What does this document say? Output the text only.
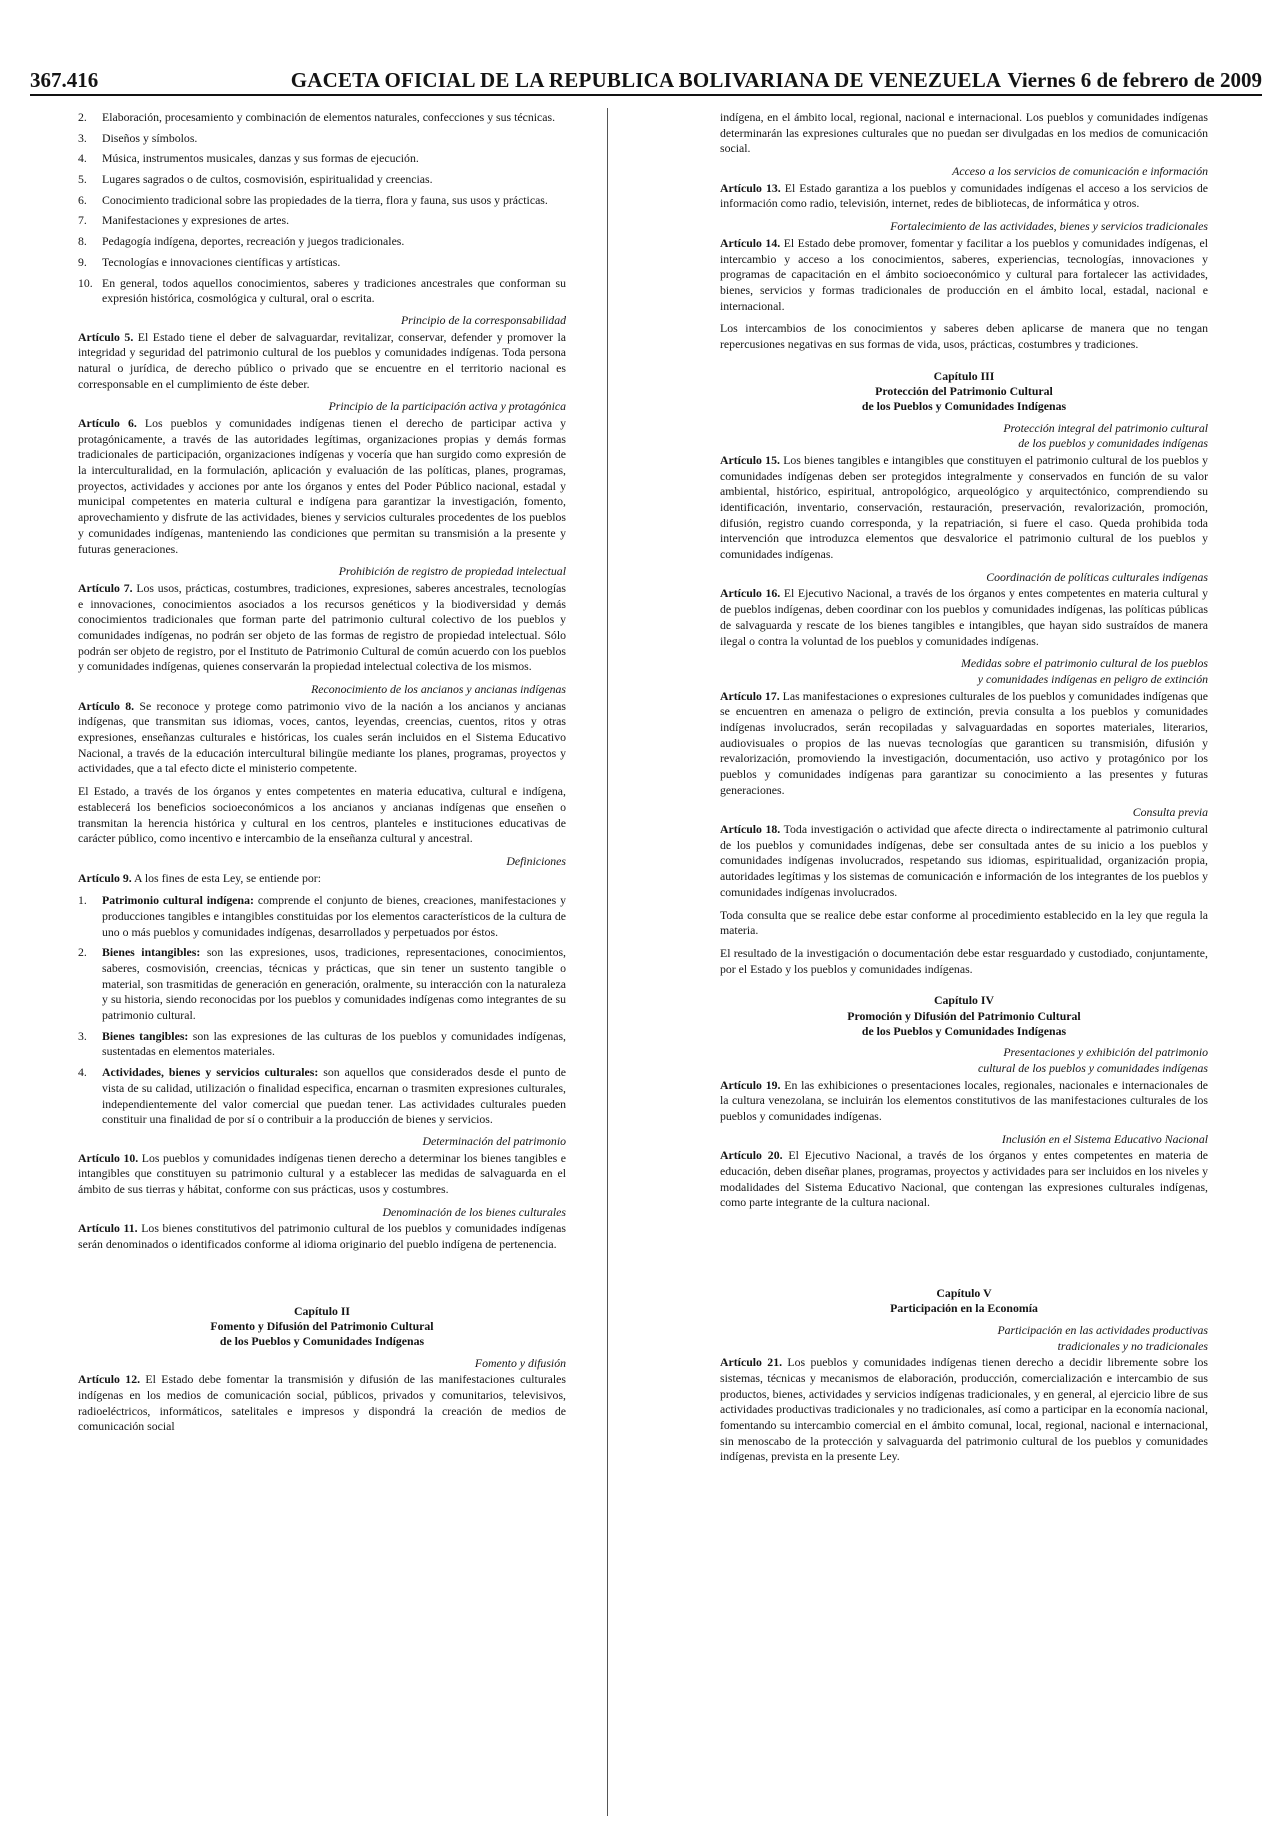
367.416	GACETA OFICIAL DE LA REPUBLICA BOLIVARIANA DE VENEZUELA Viernes 6 de febrero de 2009
2. Elaboración, procesamiento y combinación de elementos naturales, confecciones y sus técnicas.
3. Diseños y símbolos.
4. Música, instrumentos musicales, danzas y sus formas de ejecución.
5. Lugares sagrados o de cultos, cosmovisión, espiritualidad y creencias.
6. Conocimiento tradicional sobre las propiedades de la tierra, flora y fauna, sus usos y prácticas.
7. Manifestaciones y expresiones de artes.
8. Pedagogía indígena, deportes, recreación y juegos tradicionales.
9. Tecnologías e innovaciones científicas y artísticas.
10. En general, todos aquellos conocimientos, saberes y tradiciones ancestrales que conforman su expresión histórica, cosmológica y cultural, oral o escrita.
Principio de la corresponsabilidad

Artículo 5. El Estado tiene el deber de salvaguardar, revitalizar, conservar, defender y promover la integridad y seguridad del patrimonio cultural de los pueblos y comunidades indígenas. Toda persona natural o jurídica, de derecho público o privado que se encuentre en el territorio nacional es corresponsable en el cumplimiento de éste deber.

Principio de la participación activa y protagónica

Artículo 6. Los pueblos y comunidades indígenas tienen el derecho de participar activa y protagónicamente, a través de las autoridades legítimas, organizaciones propias y demás formas tradicionales de participación, organizaciones indígenas y vocería que han surgido como expresión de la interculturalidad, en la formulación, aplicación y evaluación de las políticas, planes, programas, proyectos, actividades y acciones por ante los órganos y entes del Poder Público nacional, estadal y municipal competentes en materia cultural e indígena para garantizar la investigación, fomento, aprovechamiento y disfrute de las actividades, bienes y servicios culturales procedentes de los pueblos y comunidades indígenas, manteniendo las condiciones que permitan su transmisión a la presente y futuras generaciones.

Prohibición de registro de propiedad intelectual

Artículo 7. Los usos, prácticas, costumbres, tradiciones, expresiones, saberes ancestrales, tecnologías e innovaciones, conocimientos asociados a los recursos genéticos y la biodiversidad y demás conocimientos tradicionales que forman parte del patrimonio cultural colectivo de los pueblos y comunidades indígenas, no podrán ser objeto de las formas de registro de propiedad intelectual. Sólo podrán ser objeto de registro, por el Instituto de Patrimonio Cultural de común acuerdo con los pueblos y comunidades indígenas, quienes conservarán la propiedad intelectual colectiva de los mismos.

Reconocimiento de los ancianos y ancianas indígenas

Artículo 8. Se reconoce y protege como patrimonio vivo de la nación a los ancianos y ancianas indígenas, que transmitan sus idiomas, voces, cantos, leyendas, creencias, cuentos, ritos y otras expresiones, enseñanzas culturales e históricas, los cuales serán incluidos en el Sistema Educativo Nacional, a través de la educación intercultural bilingüe mediante los planes, programas, proyectos y actividades, que a tal efecto dicte el ministerio competente.

El Estado, a través de los órganos y entes competentes en materia educativa, cultural e indígena, establecerá los beneficios socioeconómicos a los ancianos y ancianas indígenas que enseñen o transmitan la herencia histórica y cultural en los centros, planteles e instituciones educativas de carácter público, como incentivo e intercambio de la enseñanza cultural y ancestral.

Definiciones

Artículo 9. A los fines de esta Ley, se entiende por:

1. Patrimonio cultural indígena: comprende el conjunto de bienes, creaciones, manifestaciones y producciones tangibles e intangibles constituidas por los elementos característicos de la cultura de uno o más pueblos y comunidades indígenas, desarrollados y perpetuados por éstos.
2. Bienes intangibles: son las expresiones, usos, tradiciones, representaciones, conocimientos, saberes, cosmovisión, creencias, técnicas y prácticas, que sin tener un sustento tangible o material, son trasmitidas de generación en generación, oralmente, su interacción con la naturaleza y su historia, siendo reconocidas por los pueblos y comunidades indígenas como integrantes de su patrimonio cultural.
3. Bienes tangibles: son las expresiones de las culturas de los pueblos y comunidades indígenas, sustentadas en elementos materiales.
4. Actividades, bienes y servicios culturales: son aquellos que considerados desde el punto de vista de su calidad, utilización o finalidad especifica, encarnan o trasmiten expresiones culturales, independientemente del valor comercial que puedan tener. Las actividades culturales pueden constituir una finalidad de por sí o contribuir a la producción de bienes y servicios.
Determinación del patrimonio

Artículo 10. Los pueblos y comunidades indígenas tienen derecho a determinar los bienes tangibles e intangibles que constituyen su patrimonio cultural y a establecer las medidas de salvaguarda en el ámbito de sus tierras y hábitat, conforme con sus prácticas, usos y costumbres.

Denominación de los bienes culturales

Artículo 11. Los bienes constitutivos del patrimonio cultural de los pueblos y comunidades indígenas serán denominados o identificados conforme al idioma originario del pueblo indígena de pertenencia.

Capítulo II
Fomento y Difusión del Patrimonio Cultural
de los Pueblos y Comunidades Indígenas
Fomento y difusión

Artículo 12. El Estado debe fomentar la transmisión y difusión de las manifestaciones culturales indígenas en los medios de comunicación social, públicos, privados y comunitarios, televisivos, radioeléctricos, informáticos, satelitales e impresos y dispondrá la creación de medios de comunicación social

indígena, en el ámbito local, regional, nacional e internacional. Los pueblos y comunidades indígenas determinarán las expresiones culturales que no puedan ser divulgadas en los medios de comunicación social.

Acceso a los servicios de comunicación e información

Artículo 13. El Estado garantiza a los pueblos y comunidades indígenas el acceso a los servicios de información como radio, televisión, internet, redes de bibliotecas, de informática y otros.

Fortalecimiento de las actividades, bienes y servicios tradicionales

Artículo 14. El Estado debe promover, fomentar y facilitar a los pueblos y comunidades indígenas, el intercambio y acceso a los conocimientos, saberes, experiencias, tecnologías, innovaciones y programas de capacitación en el ámbito socioeconómico y cultural para fortalecer las actividades, bienes, servicios y formas tradicionales de producción en el ámbito local, estadal, nacional e internacional.

Los intercambios de los conocimientos y saberes deben aplicarse de manera que no tengan repercusiones negativas en sus formas de vida, usos, prácticas, costumbres y tradiciones.

Capítulo III
Protección del Patrimonio Cultural
de los Pueblos y Comunidades Indígenas
Protección integral del patrimonio cultural
de los pueblos y comunidades indígenas

Artículo 15. Los bienes tangibles e intangibles que constituyen el patrimonio cultural de los pueblos y comunidades indígenas deben ser protegidos integralmente y conservados en función de su valor ambiental, histórico, espiritual, antropológico, arqueológico y arquitectónico, comprendiendo su identificación, inventario, conservación, restauración, preservación, revalorización, promoción, difusión, registro cuando corresponda, y la repatriación, si fuere el caso. Queda prohibida toda intervención que introduzca elementos que desvalorice el patrimonio cultural de los pueblos y comunidades indígenas.

Coordinación de políticas culturales indígenas

Artículo 16. El Ejecutivo Nacional, a través de los órganos y entes competentes en materia cultural y de pueblos indígenas, deben coordinar con los pueblos y comunidades indígenas, las políticas públicas de salvaguarda y rescate de los bienes tangibles e intangibles, que hayan sido sustraídos de manera ilegal o contra la voluntad de los pueblos y comunidades indígenas.

Medidas sobre el patrimonio cultural de los pueblos
y comunidades indígenas en peligro de extinción

Artículo 17. Las manifestaciones o expresiones culturales de los pueblos y comunidades indígenas que se encuentren en amenaza o peligro de extinción, previa consulta a los pueblos y comunidades indígenas involucrados, serán recopiladas y salvaguardadas en soportes materiales, literarios, audiovisuales o propios de las nuevas tecnologías que garanticen su transmisión, difusión y revalorización, promoviendo la investigación, documentación, uso activo y protagónico por los pueblos y comunidades indígenas para garantizar su conocimiento a las presentes y futuras generaciones.

Consulta previa

Artículo 18. Toda investigación o actividad que afecte directa o indirectamente al patrimonio cultural de los pueblos y comunidades indígenas, debe ser consultada antes de su inicio a los pueblos y comunidades indígenas involucrados, respetando sus idiomas, espiritualidad, organización propia, autoridades legítimas y los sistemas de comunicación e información de los integrantes de los pueblos y comunidades indígenas involucrados.

Toda consulta que se realice debe estar conforme al procedimiento establecido en la ley que regula la materia.

El resultado de la investigación o documentación debe estar resguardado y custodiado, conjuntamente, por el Estado y los pueblos y comunidades indígenas.

Capítulo IV
Promoción y Difusión del Patrimonio Cultural
de los Pueblos y Comunidades Indígenas
Presentaciones y exhibición del patrimonio
cultural de los pueblos y comunidades indígenas

Artículo 19. En las exhibiciones o presentaciones locales, regionales, nacionales e internacionales de la cultura venezolana, se incluirán los elementos constitutivos de las manifestaciones culturales de los pueblos y comunidades indígenas.

Inclusión en el Sistema Educativo Nacional

Artículo 20. El Ejecutivo Nacional, a través de los órganos y entes competentes en materia de educación, deben diseñar planes, programas, proyectos y actividades para ser incluidos en los niveles y modalidades del Sistema Educativo Nacional, que contengan las expresiones culturales indígenas, como parte integrante de la cultura nacional.

Capítulo V
Participación en la Economía
Participación en las actividades productivas
tradicionales y no tradicionales

Artículo 21. Los pueblos y comunidades indígenas tienen derecho a decidir libremente sobre los sistemas, técnicas y mecanismos de elaboración, producción, comercialización e intercambio de sus productos, bienes, actividades y servicios indígenas tradicionales, y en general, al ejercicio libre de sus actividades productivas tradicionales y no tradicionales, así como a participar en la economía nacional, fomentando su intercambio comercial en el ámbito comunal, local, regional, nacional e internacional, sin menoscabo de la protección y salvaguarda del patrimonio cultural de los pueblos y comunidades indígenas, prevista en la presente Ley.
